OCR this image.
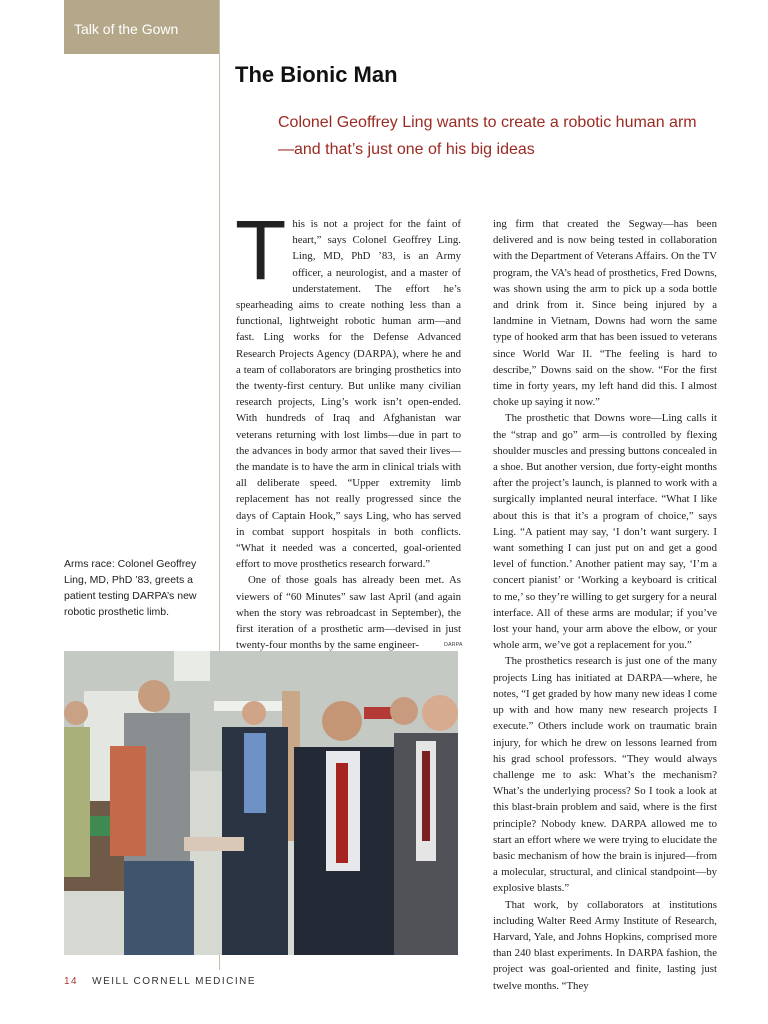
Talk of the Gown
The Bionic Man
Colonel Geoffrey Ling wants to create a robotic human arm—and that’s just one of his big ideas

This is not a project for the faint of heart,” says Colonel Geoffrey Ling. Ling, MD, PhD ’83, is an Army officer, a neurologist, and a master of understatement. The effort he’s spearheading aims to create nothing less than a functional, lightweight robotic human arm—and fast. Ling works for the Defense Advanced Research Projects Agency (DARPA), where he and a team of collaborators are bringing prosthetics into the twenty-first century. But unlike many civilian research projects, Ling’s work isn’t open-ended. With hundreds of Iraq and Afghanistan war veterans returning with lost limbs—due in part to the advances in body armor that saved their lives—the mandate is to have the arm in clinical trials with all deliberate speed. “Upper extremity limb replacement has not really progressed since the days of Captain Hook,” says Ling, who has served in combat support hospitals in both conflicts. “What it needed was a concerted, goal-oriented effort to move prosthetics research forward.”

One of those goals has already been met. As viewers of “60 Minutes” saw last April (and again when the story was rebroadcast in September), the first iteration of a prosthetic arm—devised in just twenty-four months by the same engineer-

ing firm that created the Segway—has been delivered and is now being tested in collaboration with the Department of Veterans Affairs. On the TV program, the VA’s head of prosthetics, Fred Downs, was shown using the arm to pick up a soda bottle and drink from it. Since being injured by a landmine in Vietnam, Downs had worn the same type of hooked arm that has been issued to veterans since World War II. “The feeling is hard to describe,” Downs said on the show. “For the first time in forty years, my left hand did this. I almost choke up saying it now.”

The prosthetic that Downs wore—Ling calls it the “strap and go” arm—is controlled by flexing shoulder muscles and pressing buttons concealed in a shoe. But another version, due forty-eight months after the project’s launch, is planned to work with a surgically implanted neural interface. “What I like about this is that it’s a program of choice,” says Ling. “A patient may say, ‘I don’t want surgery. I want something I can just put on and get a good level of function.’ Another patient may say, ‘I’m a concert pianist’ or ‘Working a keyboard is critical to me,’ so they’re willing to get surgery for a neural interface. All of these arms are modular; if you’ve lost your hand, your arm above the elbow, or your whole arm, we’ve got a replacement for you.”

The prosthetics research is just one of the many projects Ling has initiated at DARPA—where, he notes, “I get graded by how many new ideas I come up with and how many new research projects I execute.” Others include work on traumatic brain injury, for which he drew on lessons learned from his grad school professors. “They would always challenge me to ask: What’s the mechanism? What’s the underlying process? So I took a look at this blast-brain problem and said, where is the first principle? Nobody knew. DARPA allowed me to start an effort where we were trying to elucidate the basic mechanism of how the brain is injured—from a molecular, structural, and clinical standpoint—by explosive blasts.”

That work, by collaborators at institutions including Walter Reed Army Institute of Research, Harvard, Yale, and Johns Hopkins, comprised more than 240 blast experiments. In DARPA fashion, the project was goal-oriented and finite, lasting just twelve months. “They

Arms race: Colonel Geoffrey Ling, MD, PhD ’83, greets a patient testing DARPA’s new robotic prosthetic limb.
DARPA
14 WEILL CORNELL MEDICINE
